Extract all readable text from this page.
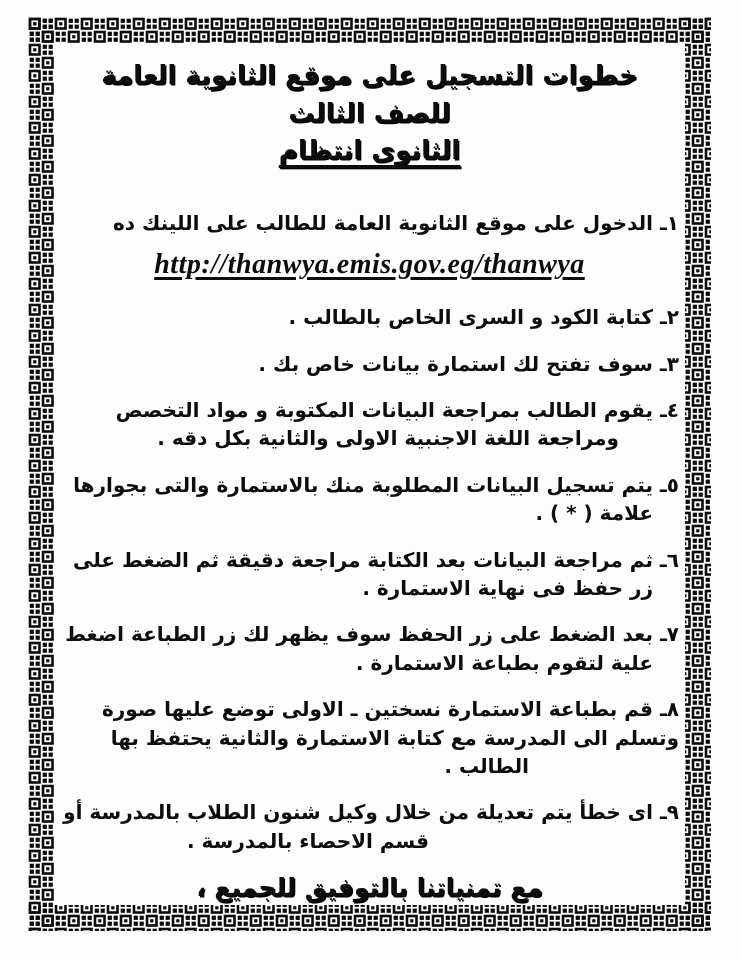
خطوات التسجيل على موقع الثانوية العامة للصف الثالث
الثانوى انتظام
١ـ الدخول على موقع الثانوية العامة للطالب على اللينك ده
http://thanwya.emis.gov.eg/thanwya
٢ـ كتابة الكود و السرى الخاص بالطالب .
٣ـ سوف تفتح لك استمارة بيانات خاص بك .
٤ـ يقوم الطالب بمراجعة البيانات المكتوبة و مواد التخصص
ومراجعة اللغة الاجنبية الاولى والثانية بكل دقه .
٥ـ يتم تسجيل البيانات المطلوبة منك بالاستمارة والتى بجوارها
علامة ( * ) .
٦ـ ثم مراجعة البيانات بعد الكتابة مراجعة دقيقة ثم الضغط على
زر حفظ فى نهاية الاستمارة .
٧ـ بعد الضغط على زر الحفظ سوف يظهر لك زر الطباعة اضغط
علية لتقوم بطباعة الاستمارة .
٨ـ قم بطباعة الاستمارة نسختين ـ الاولى توضع عليها صورة
وتسلم الى المدرسة مع كتابة الاستمارة والثانية يحتفظ بها
الطالب .
٩ـ اى خطأ يتم تعديلة من خلال وكيل شنون الطلاب بالمدرسة أو
قسم الاحصاء بالمدرسة .
مع تمنياتنا بالتوفيق للجميع ،
